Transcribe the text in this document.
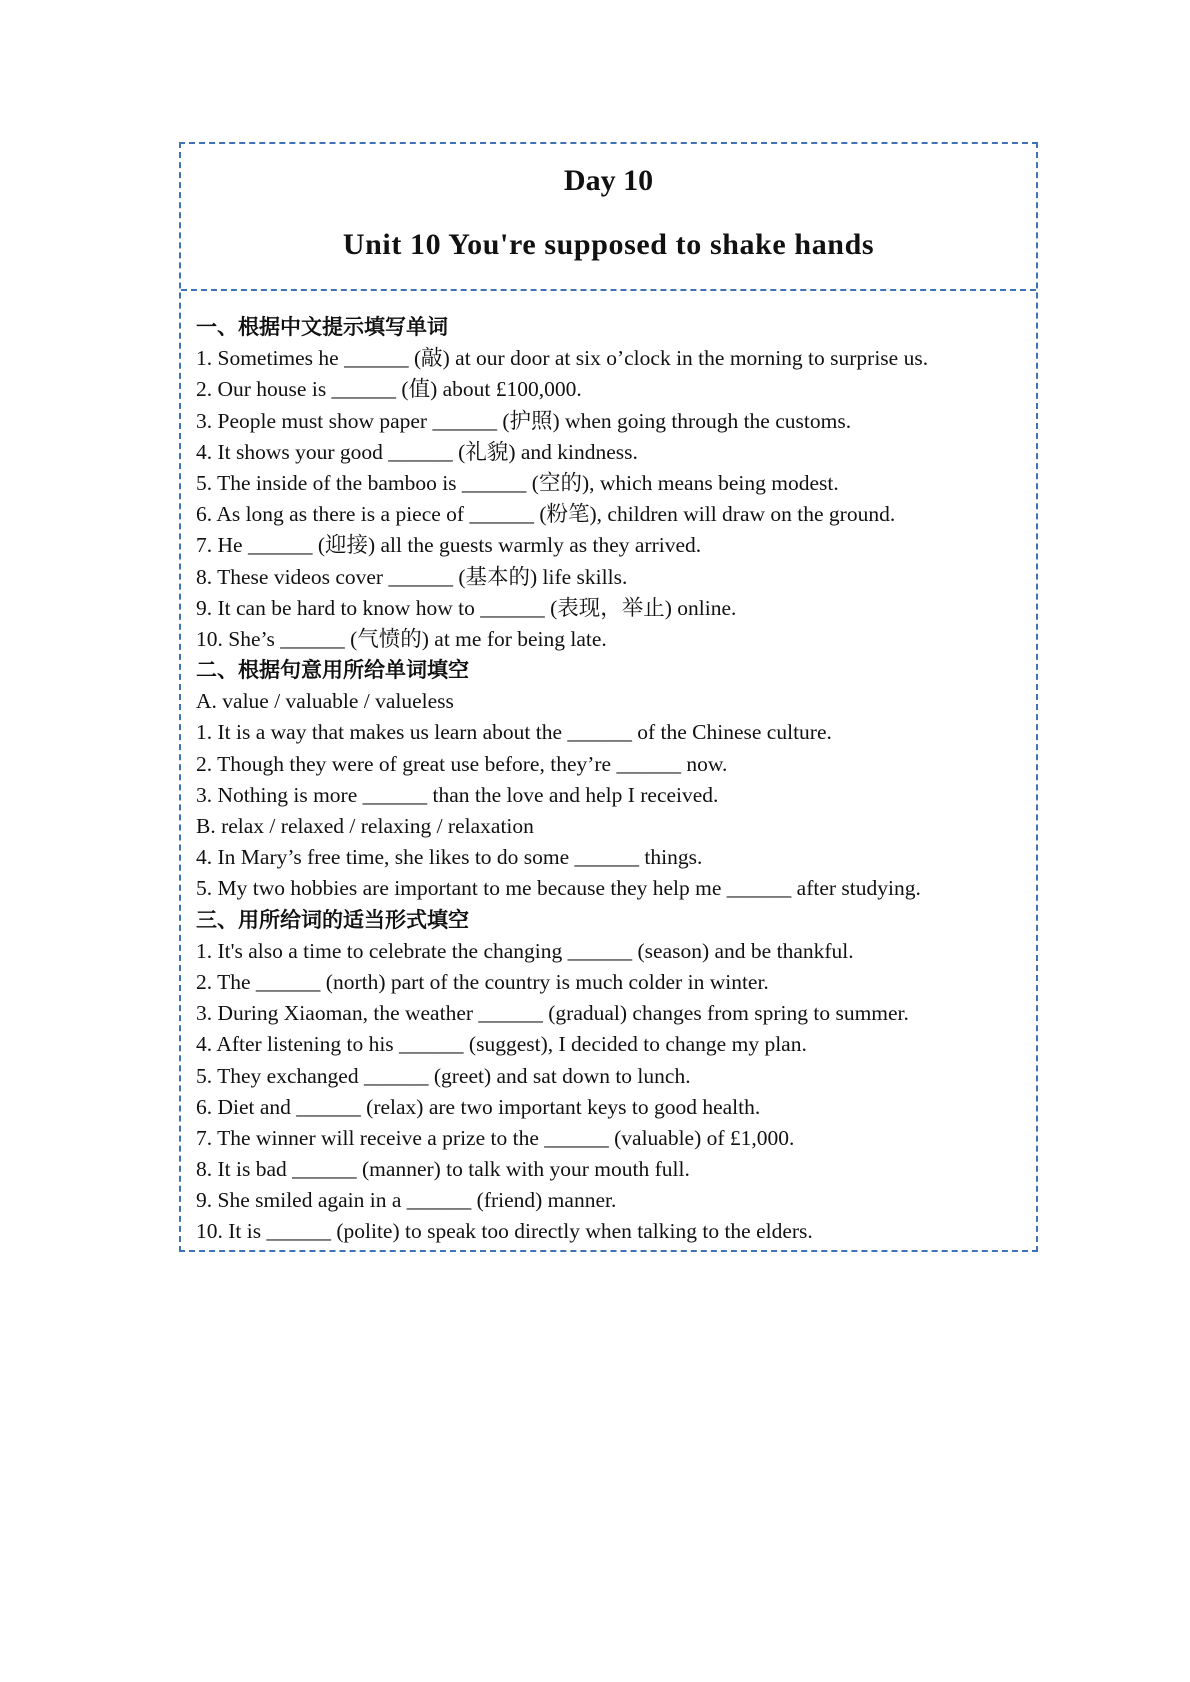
Day 10
Unit 10 You're supposed to shake hands
一、根据中文提示填写单词
1. Sometimes he ______ (敲) at our door at six o’clock in the morning to surprise us.
2. Our house is ______ (值) about £100,000.
3. People must show paper ______ (护照) when going through the customs.
4. It shows your good ______ (礼貌) and kindness.
5. The inside of the bamboo is ______ (空的), which means being modest.
6. As long as there is a piece of ______ (粉笔), children will draw on the ground.
7. He ______ (迎接) all the guests warmly as they arrived.
8. These videos cover ______ (基本的) life skills.
9. It can be hard to know how to ______ (表现，举止) online.
10. She’s ______ (气愤的) at me for being late.
二、根据句意用所给单词填空
A. value / valuable / valueless
1. It is a way that makes us learn about the ______ of the Chinese culture.
2. Though they were of great use before, they’re ______ now.
3. Nothing is more ______ than the love and help I received.
B. relax / relaxed / relaxing / relaxation
4. In Mary’s free time, she likes to do some ______ things.
5. My two hobbies are important to me because they help me ______ after studying.
三、用所给词的适当形式填空
1. It's also a time to celebrate the changing ______ (season) and be thankful.
2. The ______ (north) part of the country is much colder in winter.
3. During Xiaoman, the weather ______ (gradual) changes from spring to summer.
4. After listening to his ______ (suggest), I decided to change my plan.
5. They exchanged ______ (greet) and sat down to lunch.
6. Diet and ______ (relax) are two important keys to good health.
7. The winner will receive a prize to the ______ (valuable) of £1,000.
8. It is bad ______ (manner) to talk with your mouth full.
9. She smiled again in a ______ (friend) manner.
10. It is ______ (polite) to speak too directly when talking to the elders.
